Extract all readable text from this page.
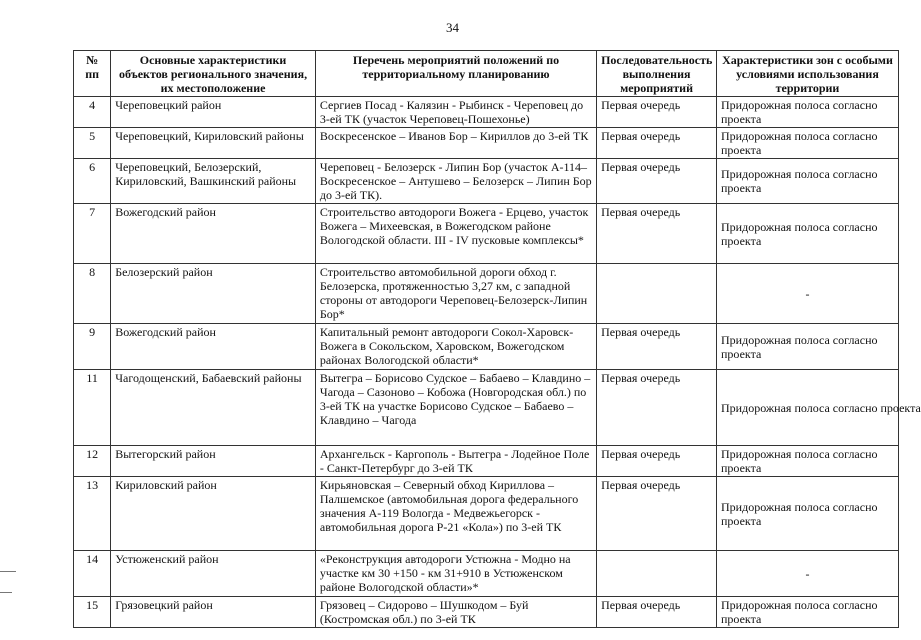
34
№ пп	Основные характеристики объектов регионального значения, их местоположение	Перечень мероприятий положений по территориальному планированию	Последовательность выполнения мероприятий	Характеристики зон с особыми условиями использования территории
4	Череповецкий район	Сергиев Посад - Калязин - Рыбинск - Череповец до 3-ей ТК (участок Череповец-Пошехонье)	Первая очередь	Придорожная полоса согласно проекта
5	Череповецкий, Кириловский районы	Воскресенское – Иванов Бор – Кириллов до 3-ей ТК	Первая очередь	Придорожная полоса согласно проекта
6	Череповецкий, Белозерский, Кириловский, Вашкинский районы	Череповец - Белозерск - Липин Бор (участок А-114– Воскресенское – Антушево – Белозерск – Липин Бор до 3-ей ТК).	Первая очередь	Придорожная полоса согласно проекта
7	Вожегодский район	Строительство автодороги Вожега - Ерцево, участок Вожега – Михеевская, в Вожегодском районе Вологодской области. III - IV пусковые комплексы*	Первая очередь	Придорожная полоса согласно проекта
8	Белозерский район	Строительство автомобильной дороги обход г. Белозерска, протяженностью 3,27 км, с западной стороны от автодороги Череповец-Белозерск-Липин Бор*		-
9	Вожегодский район	Капитальный ремонт автодороги Сокол-Харовск-Вожега в Сокольском, Харовском, Вожегодском районах Вологодской области*	Первая очередь	Придорожная полоса согласно проекта
11	Чагодощенский, Бабаевский районы	Вытегра – Борисово Судское – Бабаево – Клавдино – Чагода – Сазоново – Кобожа (Новгородская обл.) по 3-ей ТК на участке Борисово Судское – Бабаево – Клавдино – Чагода	Первая очередь	Придорожная полоса согласно проекта
12	Вытегорский район	Архангельск - Каргополь - Вытегра - Лодейное Поле - Санкт-Петербург до 3-ей ТК	Первая очередь	Придорожная полоса согласно проекта
13	Кириловский район	Кирьяновская – Северный обход Кириллова – Палшемское (автомобильная дорога федерального значения А-119 Вологда - Медвежьегорск - автомобильная дорога Р-21 «Кола») по 3-ей ТК	Первая очередь	Придорожная полоса согласно проекта
14	Устюженский район	«Реконструкция автодороги Устюжна - Модно на участке км 30 +150 - км 31+910 в Устюженском районе Вологодской области»*		-
15	Грязовецкий район	Грязовец – Сидорово – Шушкодом – Буй (Костромская обл.) по 3-ей ТК	Первая очередь	Придорожная полоса согласно проекта
